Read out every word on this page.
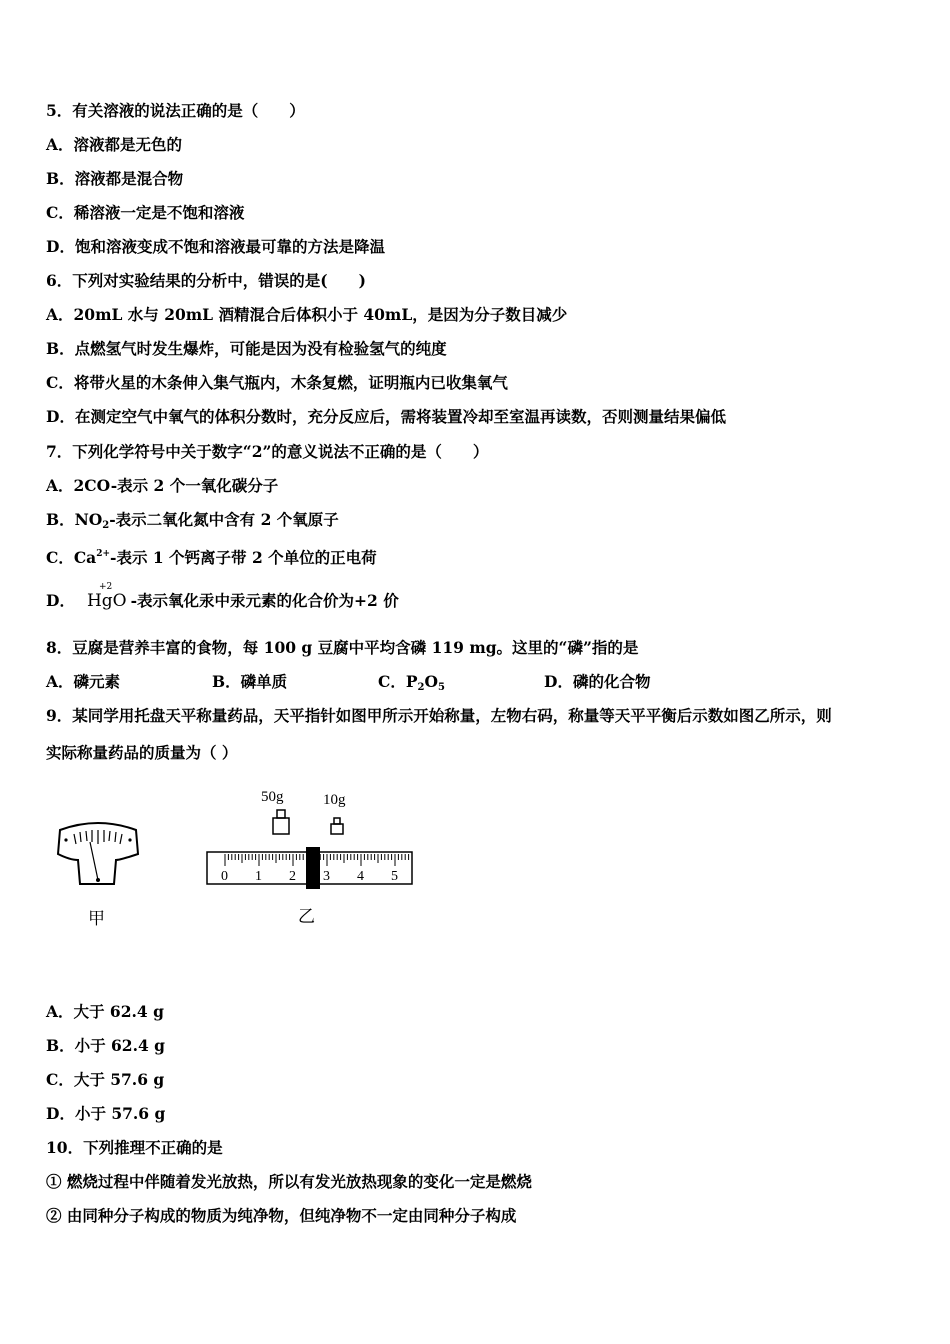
5．有关溶液的说法正确的是（　　）
A．溶液都是无色的
B．溶液都是混合物
C．稀溶液一定是不饱和溶液
D．饱和溶液变成不饱和溶液最可靠的方法是降温
6．下列对实验结果的分析中，错误的是(　　)
A．20mL 水与 20mL 酒精混合后体积小于 40mL，是因为分子数目减少
B．点燃氢气时发生爆炸，可能是因为没有检验氢气的纯度
C．将带火星的木条伸入集气瓶内，木条复燃，证明瓶内已收集氧气
D．在测定空气中氧气的体积分数时，充分反应后，需将装置冷却至室温再读数，否则测量结果偏低
7．下列化学符号中关于数字“2”的意义说法不正确的是（　　）
A．2CO-表示 2 个一氧化碳分子
B．$NO_2-$表示二氧化氮中含有 2 个氧原子
C．$Ca^{2+}-$表示 1 个钙离子带 2 个单位的正电荷
D．
+2
HgO -表示氧化汞中汞元素的化合价为+2 价
8．豆腐是营养丰富的食物，每 100 g 豆腐中平均含磷 119 mg。这里的“磷”指的是
A．磷元素	B．磷单质	C．$P_2O_5$	D．磷的化合物
9．某同学用托盘天平称量药品，天平指针如图甲所示开始称量，左物右码，称量等天平平衡后示数如图乙所示，则
实际称量药品的质量为（ ）
甲
50g	10g
0 1 2 3 4 5
乙
A．大于 62.4 g
B．小于 62.4 g
C．大于 57.6 g
D．小于 57.6 g
10．下列推理不正确的是
① 燃烧过程中伴随着发光放热，所以有发光放热现象的变化一定是燃烧
② 由同种分子构成的物质为纯净物，但纯净物不一定由同种分子构成
